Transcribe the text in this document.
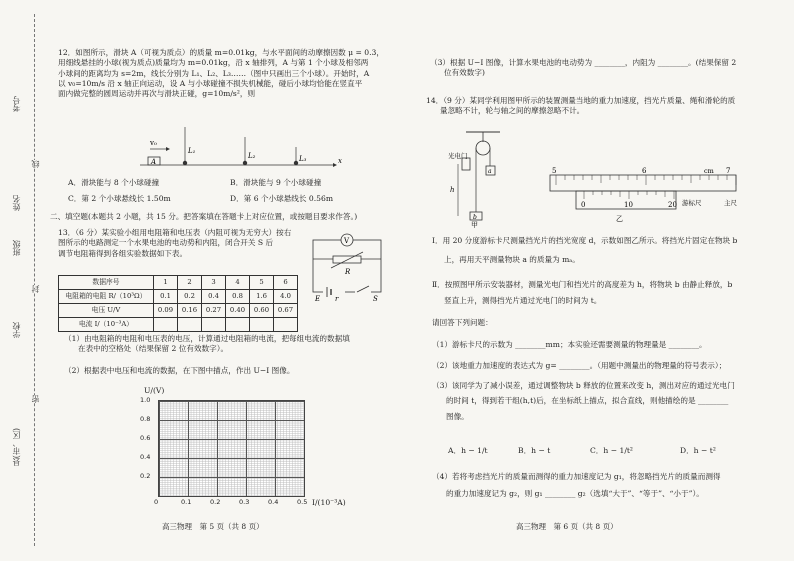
考号
姓名
班级
学校
县(市、区)
线
封
密

12．如图所示，滑块 A（可视为质点）的质量 m=0.01kg，与水平面间的动摩擦因数 μ = 0.3，

用细线悬挂的小球(视为质点)质量均为 m=0.01kg，沿 x 轴排列，A 与第 1 个小球及相邻两

小球间的距离均为 s=2m，线长分别为 L₁、L₂、L₃……（图中只画出三个小球）。开始时，A

以 v₀=10m/s 沿 x 轴正向运动，设 A 与小球碰撞不损失机械能，碰后小球均恰能在竖直平

面内做完整的圆周运动并再次与滑块正碰，g=10m/s²，则

v₀
A
L₁
L₂	L₃	x
A．滑块能与 8 个小球碰撞	B．滑块能与 9 个小球碰撞
C．第 2 个小球悬线长 1.50m	D．第 6 个小球悬线长 0.56m
二、填空题(本题共 2 小题，共 15 分。把答案填在答题卡上对应位置，或按题目要求作答。)

13．（6 分）某实验小组用电阻箱和电压表（内阻可视为无穷大）按右

图所示的电路测定一个水果电池的电动势和内阻，闭合开关 S 后

调节电阻箱得到各组实验数据如下表。

V
R
E r	S
数据序号	1	2	3	4	5	6
电阻箱的电阻 R/（10³Ω）	0.1	0.2	0.4	0.8	1.6	4.0
电压 U/V	0.09	0.16	0.27	0.40	0.60	0.67
电流 I/（10⁻³A）						

（1）由电阻箱的电阻和电压表的电压，计算通过电阻箱的电流，把每组电流的数据填

在表中的空格处（结果保留 2 位有效数字）。

（2）根据表中电压和电流的数据，在下图中描点，作出 U−I 图像。
U/(V)
1.0
0.8
0.6
0.4
0.2
0	0.1	0.2	0.3	0.4	0.5 I/(10⁻³A)
高三物理　第 5 页（共 8 页）

（3）根据 U−I 图像，计算水果电池的电动势为 ________，内阻为 ________。(结果保留 2

位有效数字)

14．（9 分）某同学利用图甲所示的装置测量当地的重力加速度，挡光片质量、绳和滑轮的质

量忽略不计，轮与轴之间的摩擦忽略不计。

a
b
光电门
h
甲
5	6	7
cm
0	10	20 游标尺	主尺
乙

Ⅰ．用 20 分度游标卡尺测量挡光片的挡光宽度 d，示数如图乙所示。将挡光片固定在物块 b

上，再用天平测量物块 a 的质量为 mₐ。

Ⅱ．按照图甲所示安装器材，测量光电门和挡光片的高度差为 h，将物块 b 由静止释放，b

竖直上升，测得挡光片通过光电门的时间为 t。

请回答下列问题：
（1）游标卡尺的示数为 ________mm；本实验还需要测量的物理量是 ________。
（2）该地重力加速度的表达式为 g= ________。（用题中测量出的物理量的符号表示）；

（3）该同学为了减小误差，通过调整物块 b 释放的位置来改变 h，测出对应的通过光电门

的时间 t，得到若干组(h,t)后，在坐标纸上描点，拟合直线，则他描绘的是 ________

图像。

A．h − 1/t	B．h − t	C．h − 1/t²	D．h − t²

（4）若将考虑挡光片的质量而测得的重力加速度记为 g₁，将忽略挡光片的质量而测得

的重力加速度记为 g₂，则 g₁ ________ g₂（选填“大于”、“等于”、“小于”）。

高三物理　第 6 页（共 8 页）
